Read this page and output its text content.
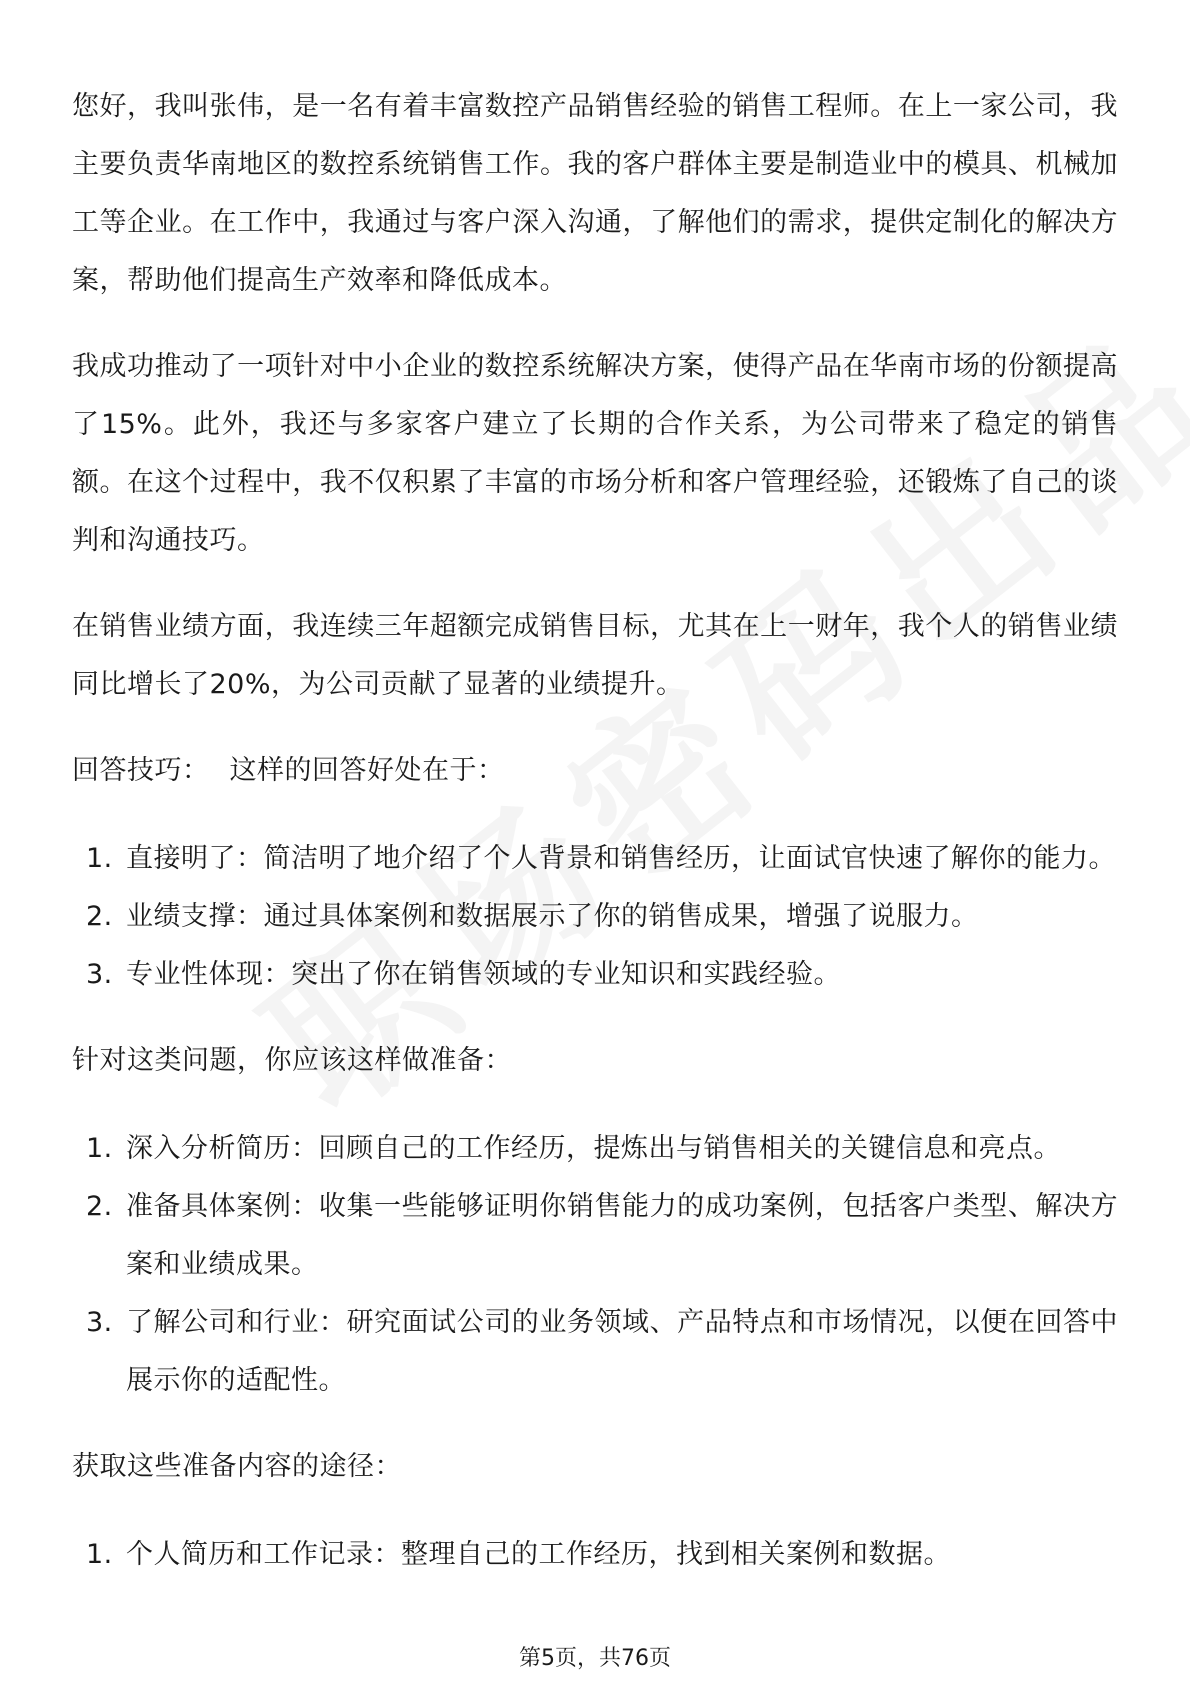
您好，我叫张伟，是一名有着丰富数控产品销售经验的销售工程师。在上一家公司，我主要负责华南地区的数控系统销售工作。我的客户群体主要是制造业中的模具、机械加工等企业。在工作中，我通过与客户深入沟通，了解他们的需求，提供定制化的解决方案，帮助他们提高生产效率和降低成本。

我成功推动了一项针对中小企业的数控系统解决方案，使得产品在华南市场的份额提高了15%。此外，我还与多家客户建立了长期的合作关系，为公司带来了稳定的销售额。在这个过程中，我不仅积累了丰富的市场分析和客户管理经验，还锻炼了自己的谈判和沟通技巧。

在销售业绩方面，我连续三年超额完成销售目标，尤其在上一财年，我个人的销售业绩同比增长了20%，为公司贡献了显著的业绩提升。

回答技巧： 这样的回答好处在于：
1. 直接明了：简洁明了地介绍了个人背景和销售经历，让面试官快速了解你的能力。
2. 业绩支撑：通过具体案例和数据展示了你的销售成果，增强了说服力。
3. 专业性体现：突出了你在销售领域的专业知识和实践经验。
针对这类问题，你应该这样做准备：
1. 深入分析简历：回顾自己的工作经历，提炼出与销售相关的关键信息和亮点。
2. 准备具体案例：收集一些能够证明你销售能力的成功案例，包括客户类型、解决方案和业绩成果。
3. 了解公司和行业：研究面试公司的业务领域、产品特点和市场情况，以便在回答中展示你的适配性。
获取这些准备内容的途径：
1. 个人简历和工作记录：整理自己的工作经历，找到相关案例和数据。
第5页，共76页
